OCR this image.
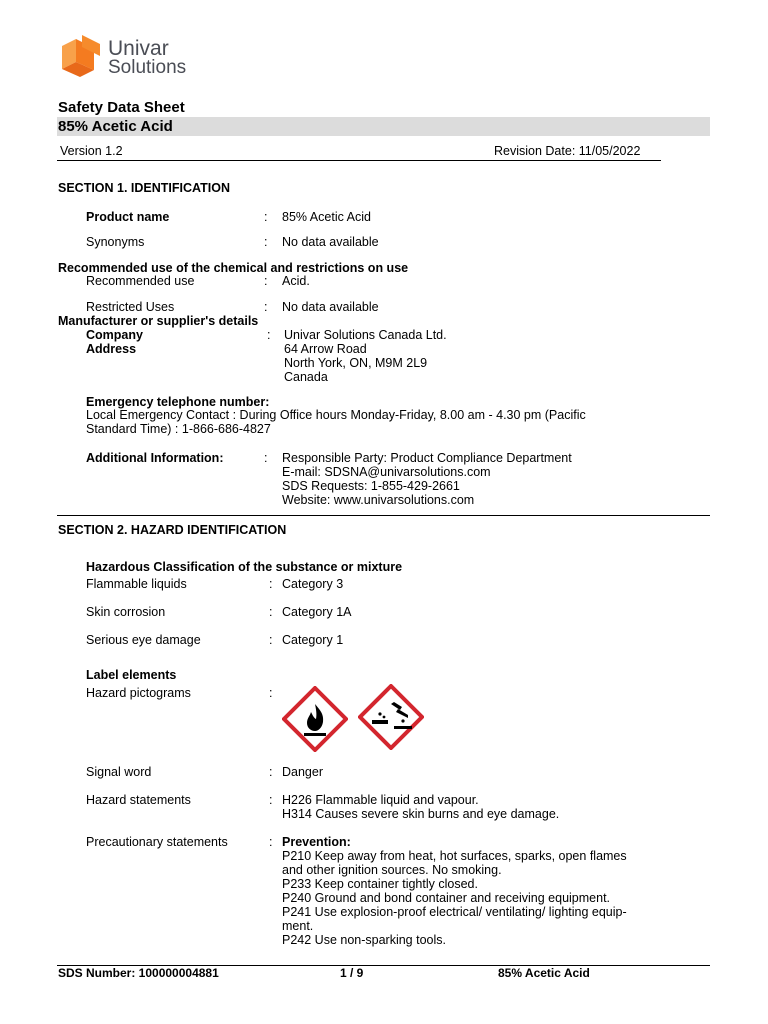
Univar
Solutions
Safety Data Sheet
85% Acetic Acid
Version 1.2	Revision Date: 11/05/2022
SECTION 1. IDENTIFICATION
Product name	: 85% Acetic Acid
Synonyms	: No data available
Recommended use of the chemical and restrictions on use
Recommended use	: Acid.
Restricted Uses	: No data available
Manufacturer or supplier's details
Company	: Univar Solutions Canada Ltd.
Address	64 Arrow Road
North York, ON, M9M 2L9
Canada
Emergency telephone number:
Local Emergency Contact : During Office hours Monday-Friday, 8.00 am - 4.30 pm (Pacific
Standard Time) : 1-866-686-4827
Additional Information:	: Responsible Party: Product Compliance Department
E-mail: SDSNA@univarsolutions.com
SDS Requests: 1-855-429-2661
Website: www.univarsolutions.com
SECTION 2. HAZARD IDENTIFICATION
Hazardous Classification of the substance or mixture
Flammable liquids	: Category 3
Skin corrosion	: Category 1A
Serious eye damage	: Category 1
Label elements
Hazard pictograms	:
Signal word	: Danger
Hazard statements	: H226 Flammable liquid and vapour.
H314 Causes severe skin burns and eye damage.
Precautionary statements	: Prevention:
P210 Keep away from heat, hot surfaces, sparks, open flames
and other ignition sources. No smoking.
P233 Keep container tightly closed.
P240 Ground and bond container and receiving equipment.
P241 Use explosion-proof electrical/ ventilating/ lighting equip-
ment.
P242 Use non-sparking tools.
SDS Number: 100000004881	1 / 9	85% Acetic Acid
